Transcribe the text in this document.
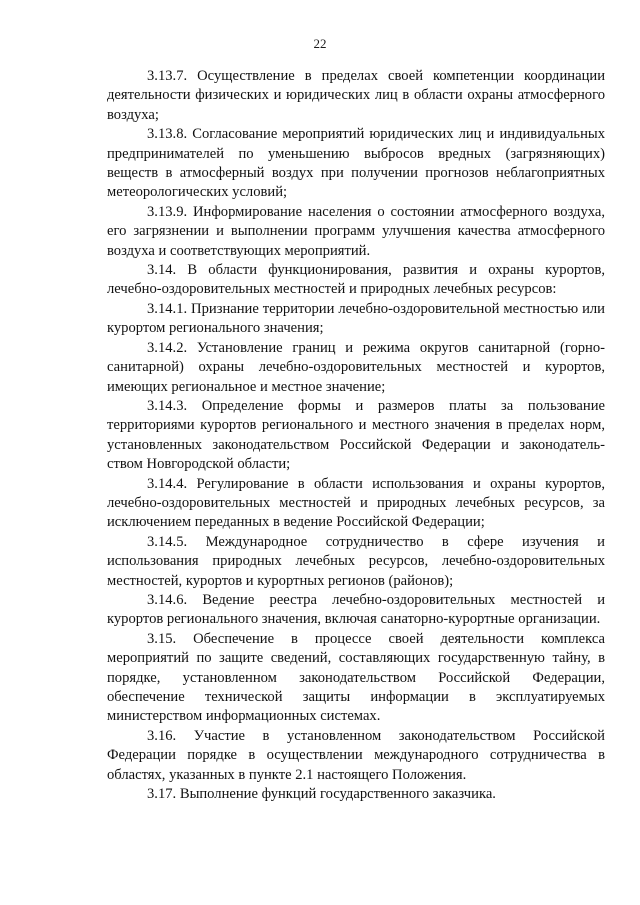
22

3.13.7. Осуществление в пределах своей компетенции координации деятельности физических и юридических лиц в области охраны атмосферного воздуха;

3.13.8. Согласование мероприятий юридических лиц и индивидуальных предпринимателей по уменьшению выбросов вредных (загрязняющих) веществ в атмосферный воздух при получении прогнозов неблагоприятных метеорологических условий;

3.13.9. Информирование населения о состоянии атмосферного воздуха, его загрязнении и выполнении программ улучшения качества атмосферного воздуха и соответствующих мероприятий.

3.14. В области функционирования, развития и охраны курортов, лечебно-оздоровительных местностей и природных лечебных ресурсов:

3.14.1. Признание территории лечебно-оздоровительной местностью или курортом регионального значения;

3.14.2. Установление границ и режима округов санитарной (горно-санитарной) охраны лечебно-оздоровительных местностей и курортов, имеющих региональное и местное значение;

3.14.3. Определение формы и размеров платы за пользование территориями курортов регионального и местного значения в пределах норм, установленных законодательством Российской Федерации и законодатель-ством Новгородской области;

3.14.4. Регулирование в области использования и охраны курортов, лечебно-оздоровительных местностей и природных лечебных ресурсов, за исключением переданных в ведение Российской Федерации;

3.14.5. Международное сотрудничество в сфере изучения и использования природных лечебных ресурсов, лечебно-оздоровительных местностей, курортов и курортных регионов (районов);

3.14.6. Ведение реестра лечебно-оздоровительных местностей и курортов регионального значения, включая санаторно-курортные организации.

3.15. Обеспечение в процессе своей деятельности комплекса мероприятий по защите сведений, составляющих государственную тайну, в порядке, установленном законодательством Российской Федерации, обеспечение технической защиты информации в эксплуатируемых министерством информационных системах.

3.16. Участие в установленном законодательством Российской Федерации порядке в осуществлении международного сотрудничества в областях, указанных в пункте 2.1 настоящего Положения.

3.17. Выполнение функций государственного заказчика.
